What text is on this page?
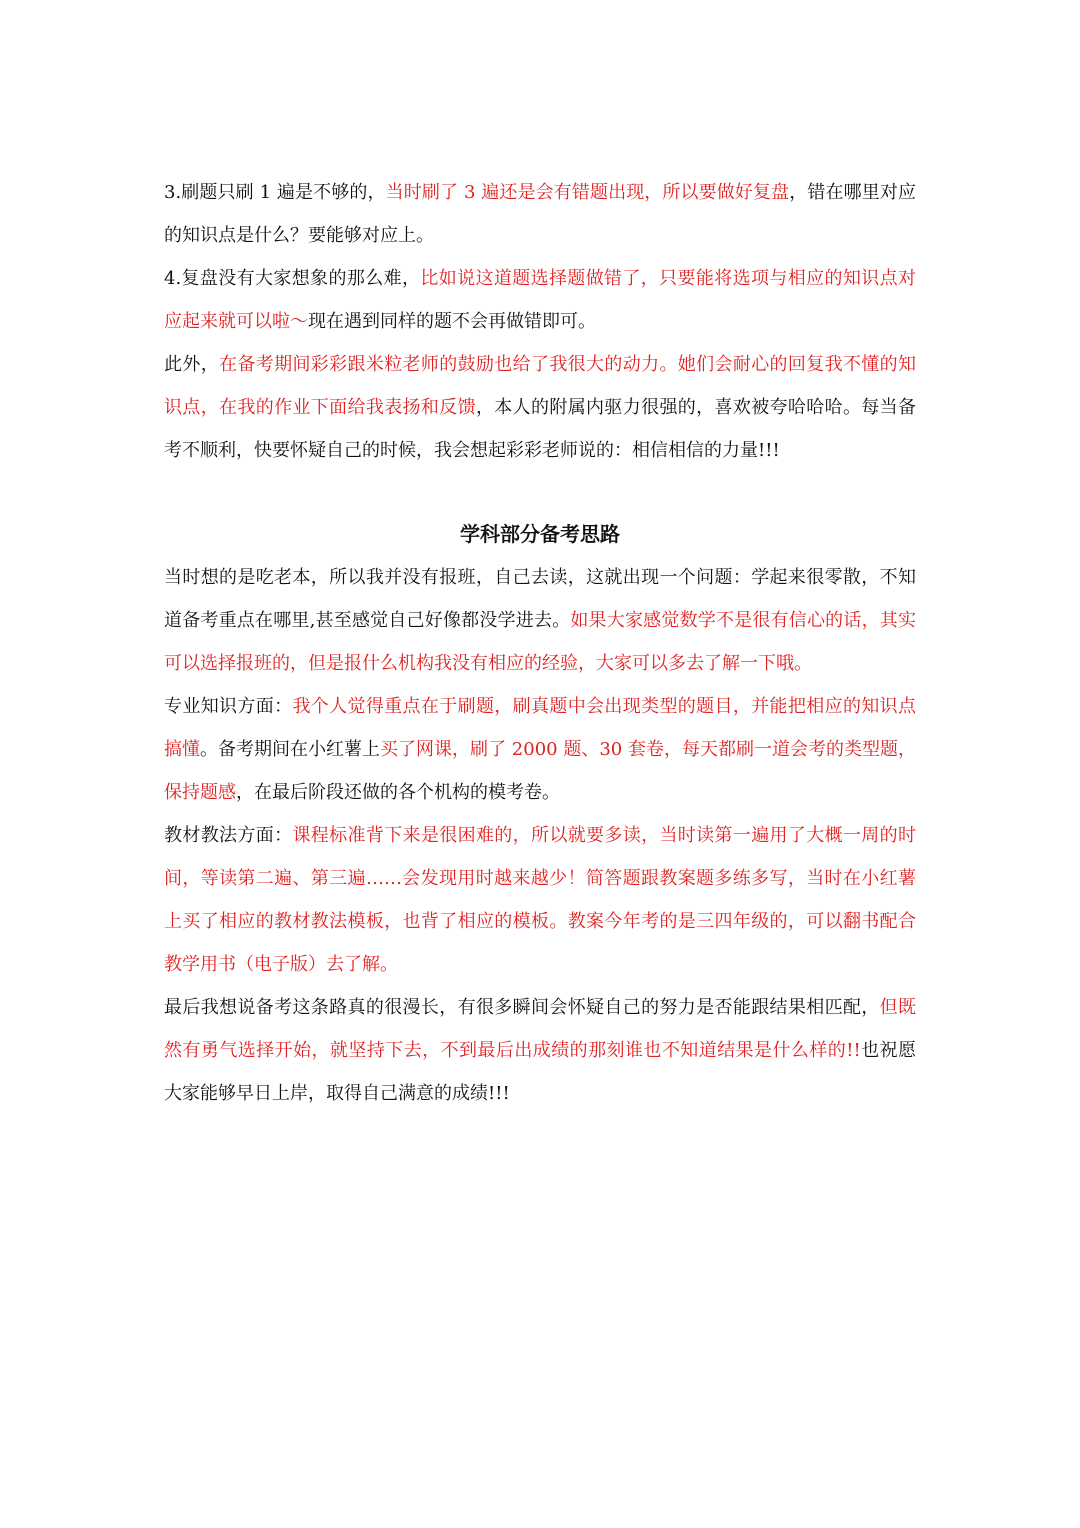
3.刷题只刷 1 遍是不够的，当时刷了 3 遍还是会有错题出现，所以要做好复盘，错在哪里对应的知识点是什么？要能够对应上。

4.复盘没有大家想象的那么难，比如说这道题选择题做错了，只要能将选项与相应的知识点对应起来就可以啦～现在遇到同样的题不会再做错即可。

此外，在备考期间彩彩跟米粒老师的鼓励也给了我很大的动力。她们会耐心的回复我不懂的知识点，在我的作业下面给我表扬和反馈，本人的附属内驱力很强的，喜欢被夸哈哈哈。每当备考不顺利，快要怀疑自己的时候，我会想起彩彩老师说的：相信相信的力量!!!

学科部分备考思路

当时想的是吃老本，所以我并没有报班，自己去读，这就出现一个问题：学起来很零散，不知道备考重点在哪里,甚至感觉自己好像都没学进去。如果大家感觉数学不是很有信心的话，其实可以选择报班的，但是报什么机构我没有相应的经验，大家可以多去了解一下哦。

专业知识方面：我个人觉得重点在于刷题，刷真题中会出现类型的题目，并能把相应的知识点搞懂。备考期间在小红薯上买了网课，刷了 2000 题、30 套卷，每天都刷一道会考的类型题，保持题感，在最后阶段还做的各个机构的模考卷。

教材教法方面：课程标准背下来是很困难的，所以就要多读，当时读第一遍用了大概一周的时间，等读第二遍、第三遍……会发现用时越来越少！简答题跟教案题多练多写，当时在小红薯上买了相应的教材教法模板，也背了相应的模板。教案今年考的是三四年级的，可以翻书配合教学用书（电子版）去了解。

最后我想说备考这条路真的很漫长，有很多瞬间会怀疑自己的努力是否能跟结果相匹配，但既然有勇气选择开始，就坚持下去，不到最后出成绩的那刻谁也不知道结果是什么样的!!也祝愿大家能够早日上岸，取得自己满意的成绩!!!
